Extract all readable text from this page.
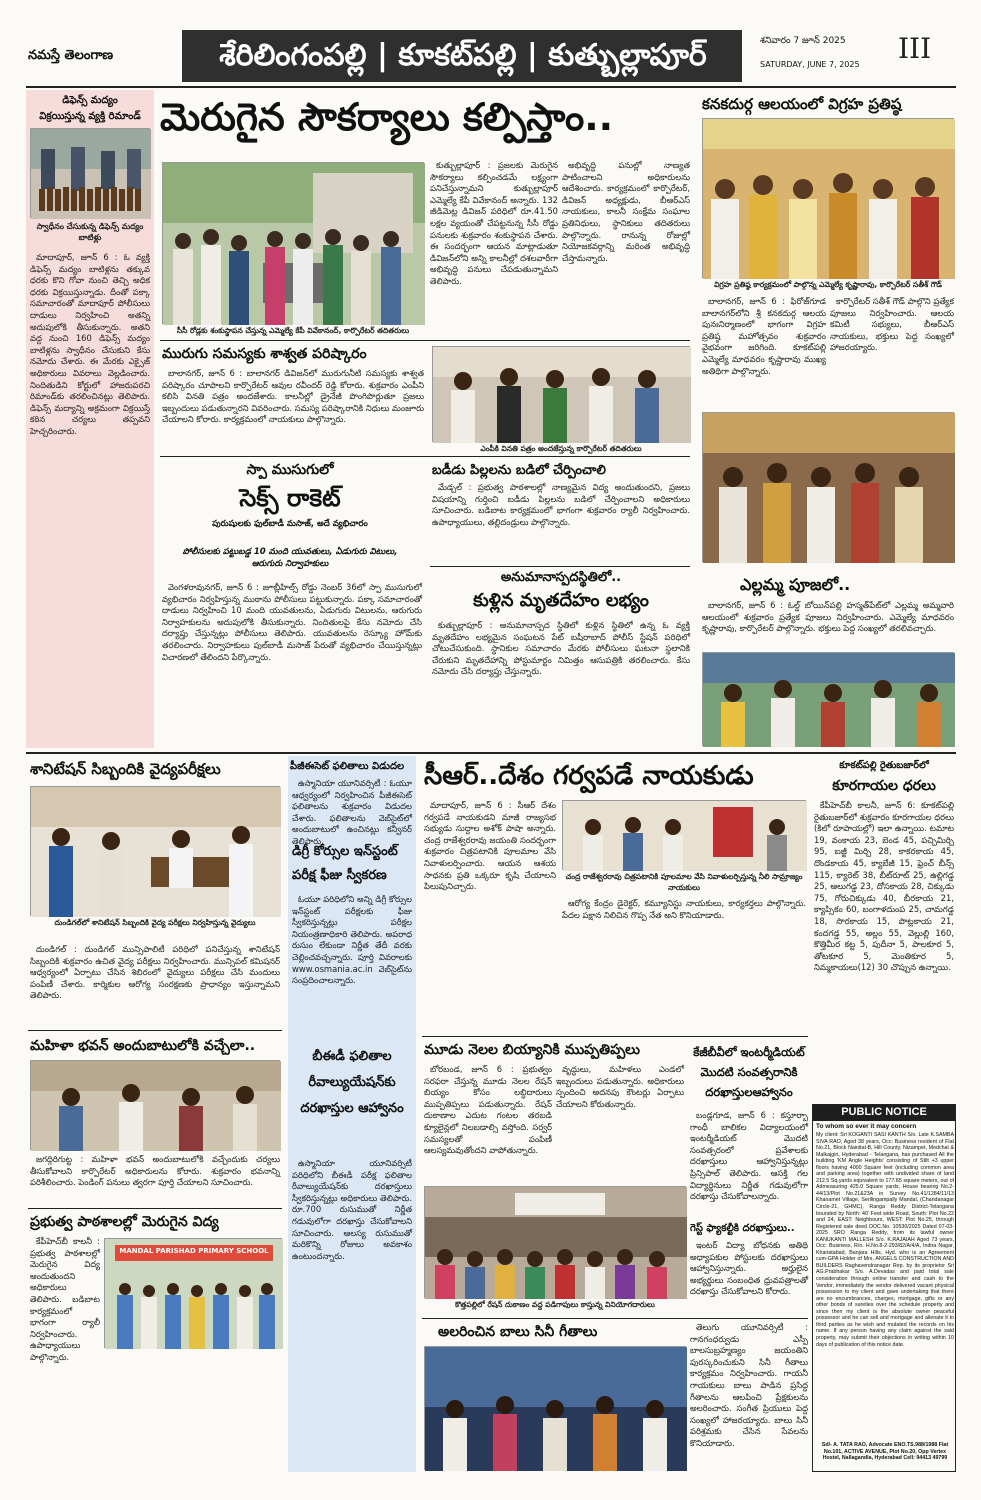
నమస్తే తెలంగాణ	శేరిలింగంపల్లి | కూకట్‌పల్లి | కుత్బుల్లాపూర్	శనివారం 7 జూన్ 2025
SATURDAY, JUNE 7, 2025	III
డిఫెన్స్ మద్యం
విక్రయిస్తున్న వ్యక్తి రిమాండ్
స్వాధీనం చేసుకున్న డిఫెన్స్ మద్యం బాటిళ్లు

మాదాపూర్, జూన్ 6 : ఓ వ్యక్తి డిఫెన్స్ మద్యం బాటిళ్లను తక్కువ ధరకు కొని గోవా నుంచి తెచ్చి అధిక ధరకు విక్రయిస్తున్నాడు. దీంతో పక్కా సమాచారంతో మాదాపూర్ పోలీసులు దాడులు నిర్వహించి అతన్ని అదుపులోకి తీసుకున్నారు. అతని వద్ద నుంచి 160 డిఫెన్స్ మద్యం బాటిళ్లను స్వాధీనం చేసుకుని కేసు నమోదు చేశారు. ఈ మేరకు ఎక్సైజ్ అధికారులు వివరాలు వెల్లడించారు. నిందితుడిని కోర్టులో హాజరుపరచి రిమాండ్‌కు తరలించినట్లు తెలిపారు. డిఫెన్స్ మద్యాన్ని అక్రమంగా విక్రయిస్తే కఠిన చర్యలు తప్పవని హెచ్చరించారు.

మెరుగైన సౌకర్యాలు కల్పిస్తాం..
సీసీ రోడ్లకు శంకుస్థాపన చేస్తున్న ఎమ్మెల్యే కేపీ వివేకానంద్, కార్పొరేటర్ తదితరులు

కుత్బుల్లాపూర్ : ప్రజలకు మెరుగైన సౌకర్యాలు కల్పించడమే లక్ష్యంగా పనిచేస్తున్నామని కుత్బుల్లాపూర్ ఎమ్మెల్యే కేపీ వివేకానంద్ అన్నారు. 132 జీడిమెట్ల డివిజన్ పరిధిలో రూ.41.50 లక్షల వ్యయంతో చేపట్టనున్న సీసీ రోడ్డు పనులకు శుక్రవారం శంకుస్థాపన చేశారు. ఈ సందర్భంగా ఆయన మాట్లాడుతూ డివిజన్‌లోని అన్ని కాలనీల్లో దశలవారీగా అభివృద్ధి పనులు చేపడుతున్నామని తెలిపారు.

అభివృద్ధి పనుల్లో నాణ్యత పాటించాలని అధికారులను ఆదేశించారు. కార్యక్రమంలో కార్పొరేటర్, డివిజన్ అధ్యక్షుడు, బీఆర్‌ఎస్ నాయకులు, కాలనీ సంక్షేమ సంఘాల ప్రతినిధులు, స్థానికులు తదితరులు పాల్గొన్నారు. రానున్న రోజుల్లో నియోజకవర్గాన్ని మరింత అభివృద్ధి చేస్తామన్నారు.

కనకదుర్గ ఆలయంలో విగ్రహ ప్రతిష్ఠ
విగ్రహ ప్రతిష్ఠ కార్యక్రమంలో పాల్గొన్న ఎమ్మెల్యే కృష్ణారావు, కార్పొరేటర్ సతీశ్ గౌడ్

బాలానగర్, జూన్ 6 : ఫిరోజ్‌గూడ బాలానగర్‌లోని శ్రీ కనకదుర్గ ఆలయ పునఃనిర్మాణంలో భాగంగా విగ్రహ ప్రతిష్ఠ మహోత్సవం శుక్రవారం వైభవంగా జరిగింది. కూకట్‌పల్లి ఎమ్మెల్యే మాధవరం కృష్ణారావు ముఖ్య అతిథిగా పాల్గొన్నారు.

కార్పొరేటర్ సతీశ్ గౌడ్ పాల్గొని ప్రత్యేక పూజలు నిర్వహించారు. ఆలయ కమిటీ సభ్యులు, బీఆర్‌ఎస్ నాయకులు, భక్తులు పెద్ద సంఖ్యలో హాజరయ్యారు.

మురుగు సమస్యకు శాశ్వత పరిష్కారం

బాలానగర్, జూన్ 6 : బాలానగర్ డివిజన్‌లో మురుగునీటి సమస్యకు శాశ్వత పరిష్కారం చూపాలని కార్పొరేటర్ ఆవుల రవీందర్ రెడ్డి కోరారు. శుక్రవారం ఎంపీని కలిసి వినతి పత్రం అందజేశారు. కాలనీల్లో డ్రైనేజీ పొంగిపొర్లుతూ ప్రజలు ఇబ్బందులు పడుతున్నారని వివరించారు. సమస్య పరిష్కారానికి నిధులు మంజూరు చేయాలని కోరారు. కార్యక్రమంలో నాయకులు పాల్గొన్నారు.

ఎంపీకి వినతి పత్రం అందజేస్తున్న కార్పొరేటర్ తదితరులు
స్పా ముసుగులో
సెక్స్ రాకెట్
పురుషులకు ఫుల్‌బాడీ మసాజ్, అదే వ్యభిచారం
పోలీసులకు పట్టుబడ్డ 10 మంది యువతులు, ఏడుగురు విటులు, ఆరుగురు నిర్వాహకులు

వెంగళరావునగర్, జూన్ 6 : జూబ్లీహిల్స్ రోడ్డు నెంబర్ 36లో స్పా ముసుగులో వ్యభిచారం నిర్వహిస్తున్న ముఠాను పోలీసులు పట్టుకున్నారు. పక్కా సమాచారంతో దాడులు నిర్వహించి 10 మంది యువతులను, ఏడుగురు విటులను, ఆరుగురు నిర్వాహకులను అదుపులోకి తీసుకున్నారు. నిందితులపై కేసు నమోదు చేసి దర్యాప్తు చేస్తున్నట్లు పోలీసులు తెలిపారు. యువతులను రెస్క్యూ హోమ్‌కు తరలించారు. నిర్వాహకులు పుల్‌బాడీ మసాజ్ పేరుతో వ్యభిచారం చేయిస్తున్నట్లు విచారణలో తేలిందని పేర్కొన్నారు.

బడీడు పిల్లలను బడిలో చేర్పించాలి

మేడ్చల్ : ప్రభుత్వ పాఠశాలల్లో నాణ్యమైన విద్య అందుతుందని, ప్రజలు విషయాన్ని గుర్తించి బడీడు పిల్లలను బడిలో చేర్పించాలని అధికారులు సూచించారు. బడిబాట కార్యక్రమంలో భాగంగా శుక్రవారం ర్యాలీ నిర్వహించారు. ఉపాధ్యాయులు, తల్లిదండ్రులు పాల్గొన్నారు.

అనుమానాస్పదస్థితిలో..
కుళ్లిన మృతదేహం లభ్యం

కుత్బుల్లాపూర్ : అనుమానాస్పద స్థితిలో కుళ్లిన స్థితిలో ఉన్న ఓ వ్యక్తి మృతదేహం లభ్యమైన సంఘటన పేట్ బషీరాబాద్ పోలీస్ స్టేషన్ పరిధిలో చోటుచేసుకుంది. స్థానికుల సమాచారం మేరకు పోలీసులు ఘటనా స్థలానికి చేరుకుని మృతదేహాన్ని పోస్టుమార్టం నిమిత్తం ఆసుపత్రికి తరలించారు. కేసు నమోదు చేసి దర్యాప్తు చేస్తున్నారు.

ఎల్లమ్మ పూజలో..

బాలానగర్, జూన్ 6 : ఓల్డ్ బోయిన్‌పల్లి హస్మత్‌పేట్‌లో ఎల్లమ్మ అమ్మవారి ఆలయంలో శుక్రవారం ప్రత్యేక పూజలు నిర్వహించారు. ఎమ్మెల్యే మాధవరం కృష్ణారావు, కార్పొరేటర్ పాల్గొన్నారు. భక్తులు పెద్ద సంఖ్యలో తరలివచ్చారు.

శానిటేషన్ సిబ్బందికి వైద్యపరీక్షలు
దుండిగల్‌లో శానిటేషన్ సిబ్బందికి వైద్య పరీక్షలు నిర్వహిస్తున్న వైద్యులు

దుండిగల్ : దుండిగల్ మున్సిపాలిటీ పరిధిలో పనిచేస్తున్న శానిటేషన్ సిబ్బందికి శుక్రవారం ఉచిత వైద్య పరీక్షలు నిర్వహించారు. మున్సిపల్ కమిషనర్ ఆధ్వర్యంలో ఏర్పాటు చేసిన శిబిరంలో వైద్యులు పరీక్షలు చేసి మందులు పంపిణీ చేశారు. కార్మికుల ఆరోగ్య సంరక్షణకు ప్రాధాన్యం ఇస్తున్నామని తెలిపారు.

మహిళా భవన్ అందుబాటులోకి వచ్చేలా..

జగద్గిరిగుట్ట : మహిళా భవన్ అందుబాటులోకి వచ్చేందుకు చర్యలు తీసుకోవాలని కార్పొరేటర్ అధికారులను కోరారు. శుక్రవారం భవనాన్ని పరిశీలించారు. పెండింగ్ పనులు త్వరగా పూర్తి చేయాలని సూచించారు.

ప్రభుత్వ పాఠశాలల్లో మెరుగైన విద్య

కేపీహెచ్‌బీ కాలనీ : ప్రభుత్వ పాఠశాలల్లో మెరుగైన విద్య అందుతుందని అధికారులు తెలిపారు. బడిబాట కార్యక్రమంలో భాగంగా ర్యాలీ నిర్వహించారు. ఉపాధ్యాయులు పాల్గొన్నారు.

MANDAL PARISHAD PRIMARY SCHOOL
పీజీఈసెట్ ఫలితాలు విడుదల

ఉస్మానియా యూనివర్సిటీ : ఓయూ ఆధ్వర్యంలో నిర్వహించిన పీజీఈసెట్ ఫలితాలను శుక్రవారం విడుదల చేశారు. ఫలితాలను వెబ్‌సైట్‌లో అందుబాటులో ఉంచినట్లు కన్వీనర్ తెలిపారు.

డిగ్రీ కోర్సుల ఇన్‌స్టంట్ పరీక్ష ఫీజు స్వీకరణ

ఓయూ పరిధిలోని అన్ని డిగ్రీ కోర్సుల ఇన్‌స్టంట్ పరీక్షలకు ఫీజు స్వీకరిస్తున్నట్లు పరీక్షల నియంత్రణాధికారి తెలిపారు. అపరాధ రుసుం లేకుండా నిర్ణీత తేదీ వరకు చెల్లించవచ్చన్నారు. పూర్తి వివరాలకు www.osmania.ac.in వెబ్‌సైట్‌ను సంప్రదించాలన్నారు.

బీఈడీ ఫలితాల రీవాల్యుయేషన్‌కు దరఖాస్తుల ఆహ్వానం

ఉస్మానియా యూనివర్సిటీ పరిధిలోని బీఈడీ పరీక్ష ఫలితాల రీవాల్యుయేషన్‌కు దరఖాస్తులు స్వీకరిస్తున్నట్లు అధికారులు తెలిపారు. రూ.700 రుసుముతో నిర్ణీత గడువులోగా దరఖాస్తు చేసుకోవాలని సూచించారు. ఆలస్య రుసుముతో మరికొన్ని రోజులు అవకాశం ఉంటుందన్నారు.

సీఆర్..దేశం గర్వపడే నాయకుడు

మాదాపూర్, జూన్ 6 : సీఆర్ దేశం గర్వపడే నాయకుడని మాజీ రాజ్యసభ సభ్యుడు సుద్దాల అశోక్ పాషా అన్నారు. చంద్ర రాజేశ్వరరావు జయంతి సందర్భంగా శుక్రవారం చిత్రపటానికి పూలమాల వేసి నివాళులర్పించారు. ఆయన ఆశయ సాధనకు ప్రతి ఒక్కరూ కృషి చేయాలని పిలుపునిచ్చారు.

చంద్ర రాజేశ్వరరావు చిత్రపటానికి పూలమాల వేసి నివాళులర్పిస్తున్న నీలి సామ్రాజ్యం నాయకులు

ఆరోగ్య కేంద్రం డైరెక్టర్, కమ్యూనిస్టు నాయకులు, కార్యకర్తలు పాల్గొన్నారు. పేదల పక్షాన నిలిచిన గొప్ప నేత అని కొనియాడారు.

మూడు నెలల బియ్యానికి ముప్పతిప్పలు

బోరబండ, జూన్ 6 : ప్రభుత్వం సరఫరా చేస్తున్న మూడు నెలల రేషన్ బియ్యం కోసం లబ్ధిదారులు ముప్పతిప్పలు పడుతున్నారు. రేషన్ దుకాణాల ఎదుట గంటల తరబడి క్యూలైన్లలో నిలబడాల్సి వస్తోంది. సర్వర్ సమస్యలతో పంపిణీ ఆలస్యమవుతోందని వాపోతున్నారు.

వృద్ధులు, మహిళలు ఎండలో ఇబ్బందులు పడుతున్నారు. అధికారులు స్పందించి అదనపు కౌంటర్లు ఏర్పాటు చేయాలని కోరుతున్నారు.

కొత్తపల్లిలో రేషన్ దుకాణం వద్ద పడిగాపులు కాస్తున్న వినియోగదారులు
కేజీబీవీలో ఇంటర్మీడియట్ మొదటి సంవత్సరానికి దరఖాస్తులఆహ్వానం

బండ్లగూడ, జూన్ 6 : కస్తూర్బా గాంధీ బాలికల విద్యాలయంలో ఇంటర్మీడియట్ మొదటి సంవత్సరంలో ప్రవేశాలకు దరఖాస్తులు ఆహ్వానిస్తున్నట్లు ప్రిన్సిపాల్ తెలిపారు. ఆసక్తి గల విద్యార్థినులు నిర్ణీత గడువులోగా దరఖాస్తు చేసుకోవాలన్నారు.

గెస్ట్ ఫ్యాకల్టీకి దరఖాస్తులు..

ఇంటర్ విద్యా బోధనకు అతిథి అధ్యాపకుల పోస్టులకు దరఖాస్తులు ఆహ్వానిస్తున్నారు. అర్హులైన అభ్యర్థులు సంబంధిత ధ్రువపత్రాలతో దరఖాస్తు చేసుకోవాలని కోరారు.

అలరించిన బాలు సినీ గీతాలు	తెలుగు యూనివర్సిటీ : గానగంధర్వుడు ఎస్పీ బాలసుబ్రహ్మణ్యం జయంతిని పురస్కరించుకుని సినీ గీతాలు కార్యక్రమం నిర్వహించారు. గాయనీ గాయకులు బాలు పాడిన ప్రసిద్ధ గీతాలను ఆలపించి ప్రేక్షకులను అలరించారు. సంగీత ప్రియులు పెద్ద సంఖ్యలో హాజరయ్యారు. బాలు సినీ పరిశ్రమకు చేసిన సేవలను కొనియాడారు.

కూకట్‌పల్లి రైతుబజార్‌లో
కూరగాయల ధరలు

కేపీహెచ్‌బీ కాలనీ, జూన్ 6: కూకట్‌పల్లి రైతుబజార్‌లో శుక్రవారం కూరగాయల ధరలు (కిలో రూపాయల్లో) ఇలా ఉన్నాయి. టమాట 19, వంకాయ 23, బెండ 45, పచ్చిమిర్చి 95, బజ్జీ మిర్చి 28, కాకరకాయ 45, దొండకాయ 45, క్యాబేజీ 15, ఫ్రెంచ్ బీన్స్ 115, క్యారెట్ 38, బీట్‌రూట్ 25, ఉల్లిగడ్డ 25, ఆలుగడ్డ 23, దోసకాయ 28, చిక్కుడు 75, గోరుచిక్కుడు 40, బీరకాయ 21, క్యాప్సికం 60, బంగాళదుంప 25, చామగడ్డ 18, సొరకాయ 15, పొట్లకాయ 21, కందగడ్డ 55, అల్లం 55, వెల్లుల్లి 160, కొత్తిమీర కట్ట 5, పుదీనా 5, పాలకూర 5, తోటకూర 5, మెంతికూర 5, నిమ్మకాయలు(12) 30 చొప్పున ఉన్నాయి.

PUBLIC NOTICE
To whom so ever it may concern
My client: Sri KOGANTI SASI KANTH S/o. Late K.SAMBA SIVA RAO, Aged 38 years, Occ: Business resident of Flat No.21, Block Nainital-B, Hill County, Nizampet, Medchal & Malkajgiri, Hyderabad - Telangana, has purchased All the building 'KM Angle Heights' consisting of Stilt +3 upper floors having 4000 Square feet (including common area and parking area) together with undivided share of land 212.5 Sq.yards equivalent to 177.65 square meters, out of Admeasuring 425.0 Square yards, House bearing No.2-44/13/Plot No.21&23A in Survey No.41/1284/11/13 Khanamet Village, Serilingampally Mandal, (Chandanagar Circle-21, GHMC), Ranga Reddy District-Telangana bounded by North: 40' Feet wide Road, South: Plot No.22 and 24, EAST: Neighbours, WEST: Plot No.25, through Registered sale deed DOC.No. 10530/2025 Dated 07-03-2025 SRO Ranga Reddy, from its lawful owner KANUKANTI MALLESH S/o. K.RAJAIAH Aged 73 years, Occ: Business, R/o. H.No.8-2-293/82/A/4/A, Indira Nagar, Khairatabad, Banjara Hills, Hyd. who is an Agreement cum-GPA Holder of Mrs. ANGELS CONSTRUCTION AND BUILDERS Raghavendranagar Rep. by its proprietor Sri AG.Prabhakar S/o. A.Devadas and paid total sale consideration through online transfer and cash to the Vendor, immediately the vendor delivered vacant physical possession to my client and gave undertaking that there are no encumbrances, charges, mortgage, gifts or any other bonds of sureties over the schedule property and since then my client is the absolute owner peaceful possessor and he can sell and mortgage and alienate it to third parties as he wish and mutated the records on his name. If any person having any claim against the said property, may submit their objections in writing within 10 days of publication of this notice date.
Sd/- A. TATA RAO, Advocate ENO.TS.988/1988 Flat No.101, ACTIVE AVENUE, Plot No.20, Opp Vertex Hostel, Nallagandla, Hyderabad Cell: 94413 49799
